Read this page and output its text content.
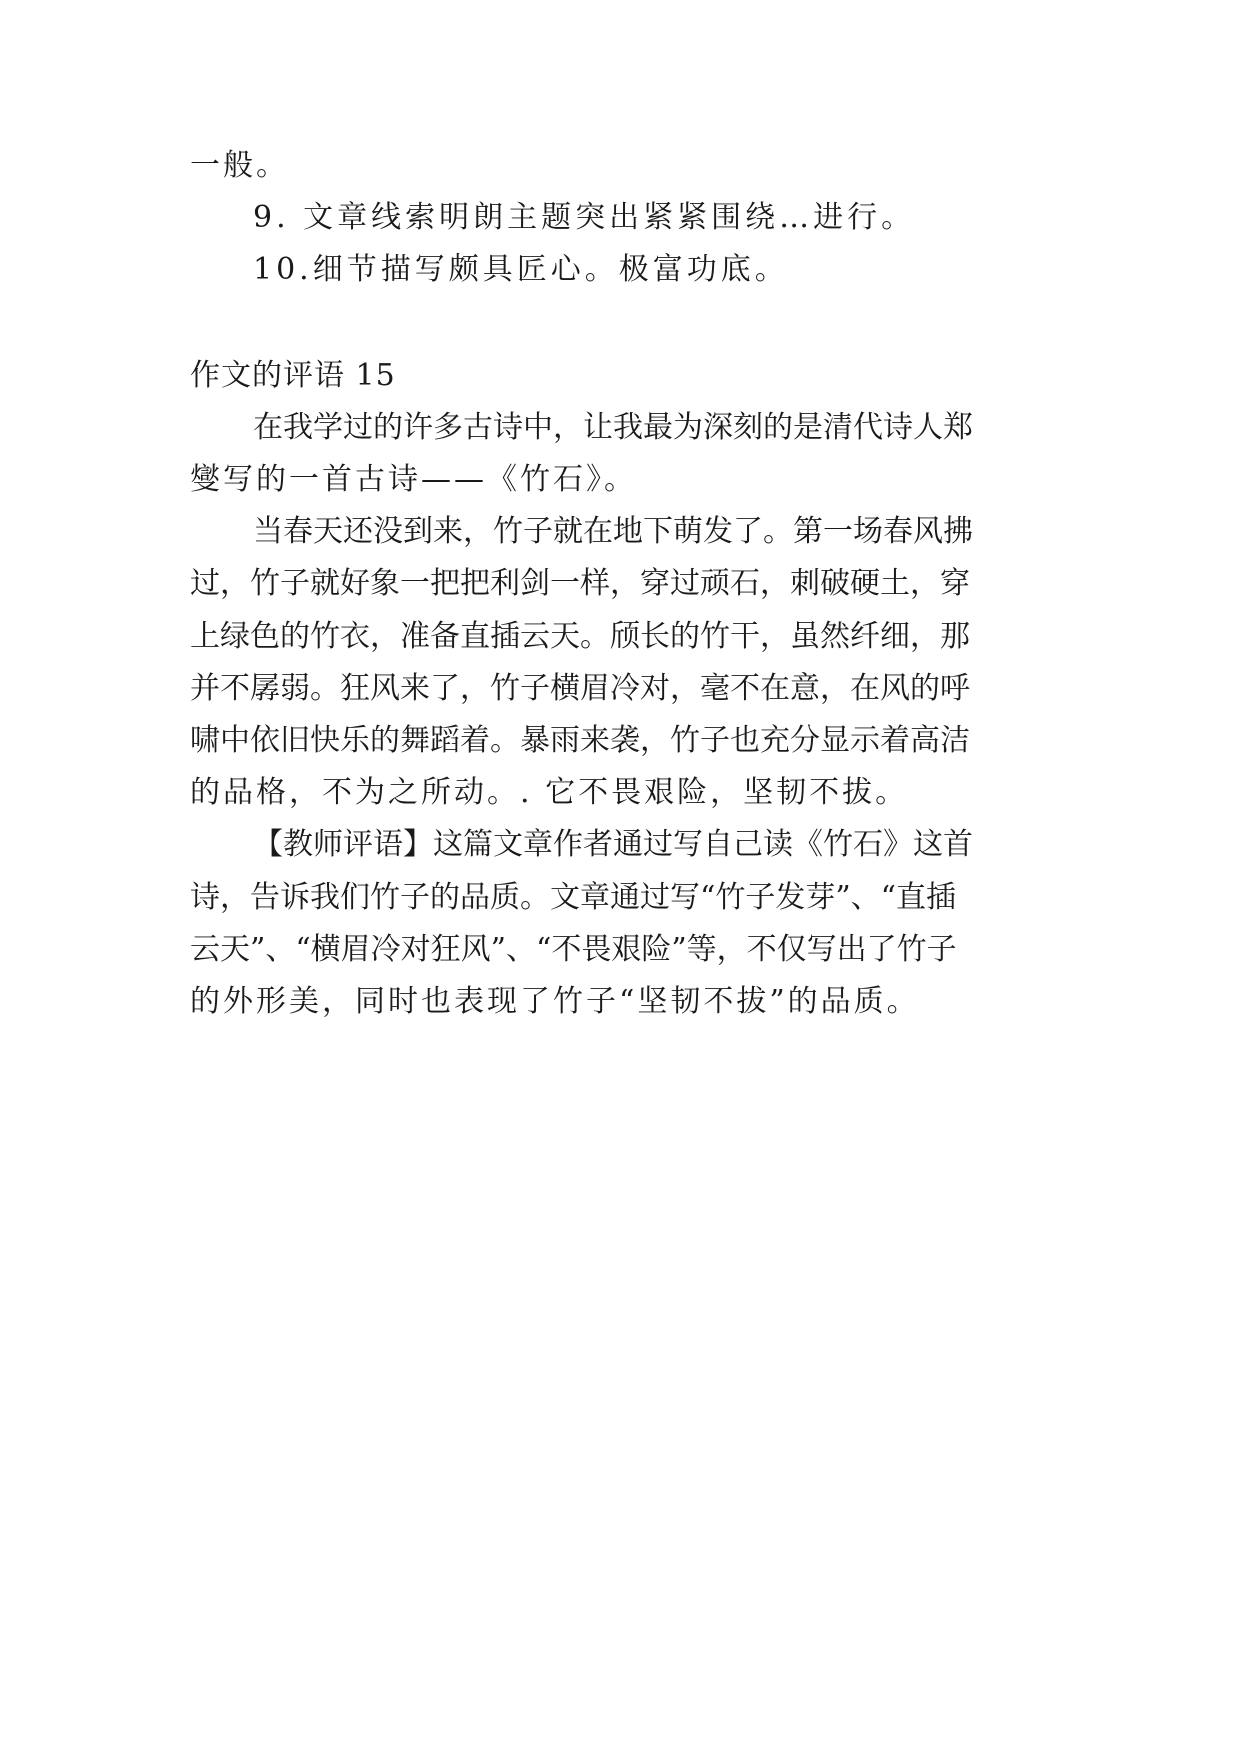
一般。
9. 文章线索明朗主题突出紧紧围绕…进行。
10.细节描写颇具匠心。极富功底。
作文的评语 15
在我学过的许多古诗中，让我最为深刻的是清代诗人郑
燮写的一首古诗——《竹石》。
当春天还没到来，竹子就在地下萌发了。第一场春风拂
过，竹子就好象一把把利剑一样，穿过顽石，刺破硬土，穿
上绿色的竹衣，准备直插云天。颀长的竹干，虽然纤细，那
并不孱弱。狂风来了，竹子横眉冷对，毫不在意，在风的呼
啸中依旧快乐的舞蹈着。暴雨来袭，竹子也充分显示着高洁
的品格，不为之所动。. 它不畏艰险，坚韧不拔。
【教师评语】这篇文章作者通过写自己读《竹石》这首
诗，告诉我们竹子的品质。文章通过写“竹子发芽”、“直插
云天”、“横眉冷对狂风”、“不畏艰险”等，不仅写出了竹子
的外形美，同时也表现了竹子“坚韧不拔”的品质。
